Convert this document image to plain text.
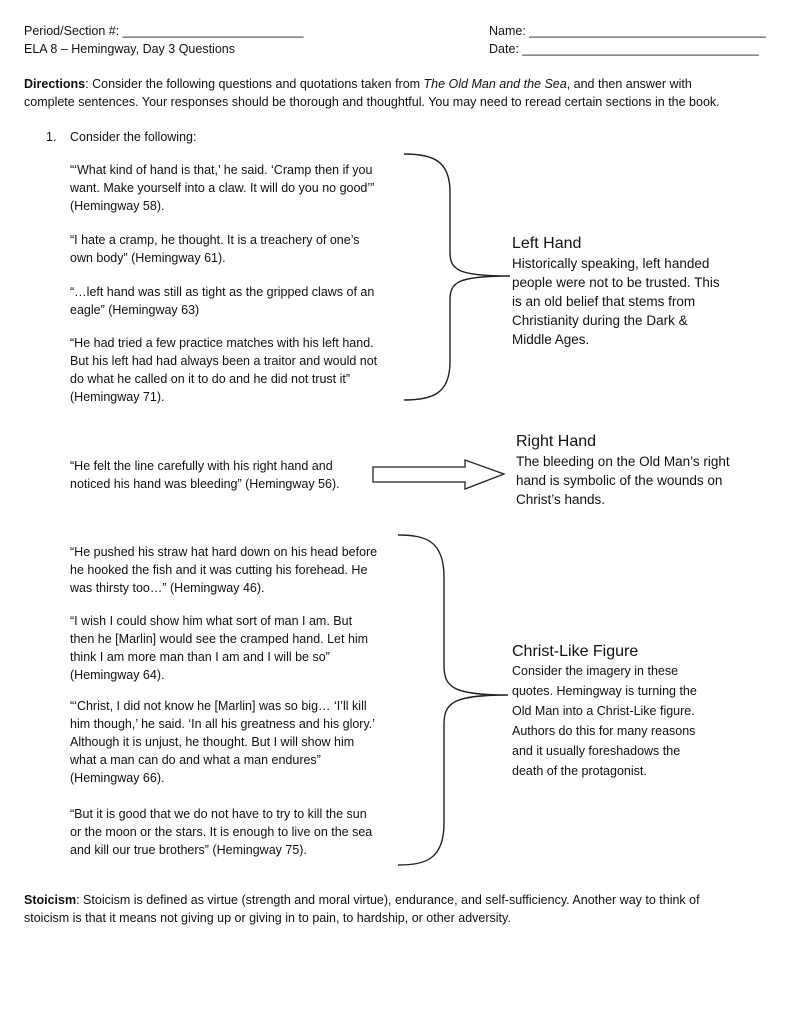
Period/Section #: __________________________
ELA 8 – Hemingway, Day 3 Questions
Name: __________________________________
Date: __________________________________
Directions: Consider the following questions and quotations taken from The Old Man and the Sea, and then answer with
complete sentences. Your responses should be thorough and thoughtful. You may need to reread certain sections in the book.
1. Consider the following:
“‘What kind of hand is that,’ he said. ‘Cramp then if you
want. Make yourself into a claw. It will do you no good’”
(Hemingway 58).
“I hate a cramp, he thought. It is a treachery of one’s
own body” (Hemingway 61).
“…left hand was still as tight as the gripped claws of an
eagle” (Hemingway 63)
“He had tried a few practice matches with his left hand.
But his left had had always been a traitor and would not
do what he called on it to do and he did not trust it”
(Hemingway 71).
Left Hand
Historically speaking, left handed
people were not to be trusted. This
is an old belief that stems from
Christianity during the Dark &
Middle Ages.
“He felt the line carefully with his right hand and
noticed his hand was bleeding” (Hemingway 56).
Right Hand
The bleeding on the Old Man’s right
hand is symbolic of the wounds on
Christ’s hands.
“He pushed his straw hat hard down on his head before
he hooked the fish and it was cutting his forehead. He
was thirsty too…” (Hemingway 46).
“I wish I could show him what sort of man I am. But
then he [Marlin] would see the cramped hand. Let him
think I am more man than I am and I will be so”
(Hemingway 64).
“‘Christ, I did not know he [Marlin] was so big… ‘I’ll kill
him though,’ he said. ‘In all his greatness and his glory.’
Although it is unjust, he thought. But I will show him
what a man can do and what a man endures”
(Hemingway 66).
“But it is good that we do not have to try to kill the sun
or the moon or the stars. It is enough to live on the sea
and kill our true brothers” (Hemingway 75).
Christ-Like Figure
Consider the imagery in these
quotes. Hemingway is turning the
Old Man into a Christ-Like figure.
Authors do this for many reasons
and it usually foreshadows the
death of the protagonist.
Stoicism: Stoicism is defined as virtue (strength and moral virtue), endurance, and self-sufficiency. Another way to think of
stoicism is that it means not giving up or giving in to pain, to hardship, or other adversity.
